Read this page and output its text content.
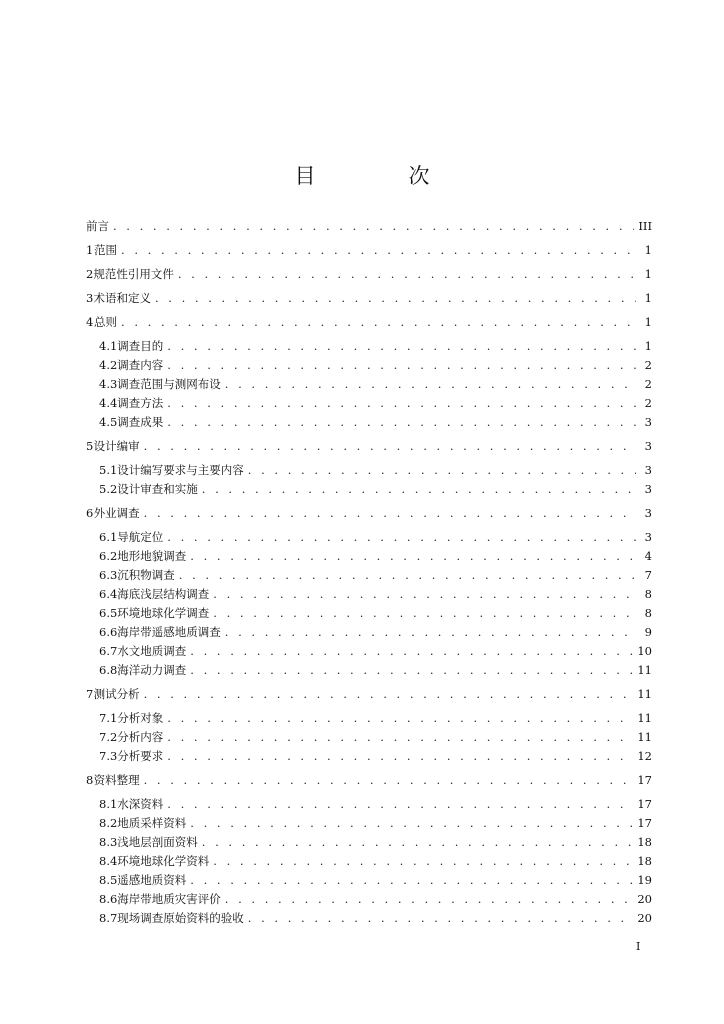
目　次
前言 . . .	III
1 范围 . . .	1
2 规范性引用文件 . . .	1
3 术语和定义 . . .	1
4 总则 . . .	1
4.1 调查目的 . . .	1
4.2 调查内容 . . .	2
4.3 调查范围与测网布设 . . .	2
4.4 调查方法 . . .	2
4.5 调查成果 . . .	3
5 设计编审 . . .	3
5.1 设计编写要求与主要内容 . . .	3
5.2 设计审查和实施 . . .	3
6 外业调查 . . .	3
6.1 导航定位 . . .	3
6.2 地形地貌调查 . . .	4
6.3 沉积物调查 . . .	7
6.4 海底浅层结构调查 . . .	8
6.5 环境地球化学调查 . . .	8
6.6 海岸带遥感地质调查 . . .	9
6.7 水文地质调查 . . .	10
6.8 海洋动力调查 . . .	11
7 测试分析 . . .	11
7.1 分析对象 . . .	11
7.2 分析内容 . . .	11
7.3 分析要求 . . .	12
8 资料整理 . . .	17
8.1 水深资料 . . .	17
8.2 地质采样资料 . . .	17
8.3 浅地层剖面资料 . . .	18
8.4 环境地球化学资料 . . .	18
8.5 遥感地质资料 . . .	19
8.6 海岸带地质灾害评价 . . .	20
8.7 现场调查原始资料的验收 . . .	20
I
